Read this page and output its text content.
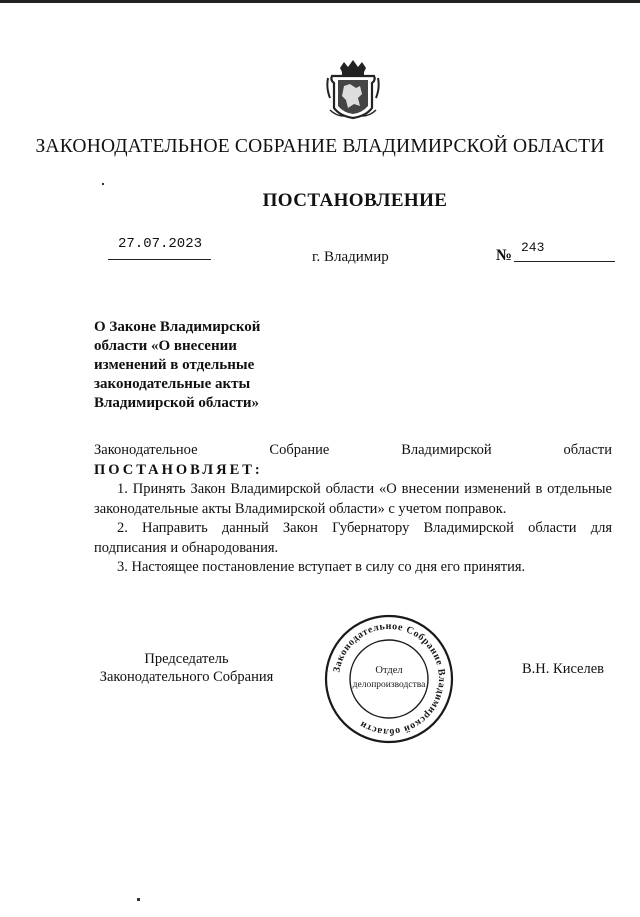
ЗАКОНОДАТЕЛЬНОЕ СОБРАНИЕ ВЛАДИМИРСКОЙ ОБЛАСТИ
ПОСТАНОВЛЕНИЕ
27.07.2023
г. Владимир	№ 243
О Законе Владимирской
области «О внесении
изменений в отдельные
законодательные акты
Владимирской области»
Законодательное	Собрание	Владимирской	области
ПОСТАНОВЛЯЕТ:
1. Принять Закон Владимирской области «О внесении изменений в отдельные законодательные акты Владимирской области» с учетом поправок.
2. Направить данный Закон Губернатору Владимирской области для подписания и обнародования.
3. Настоящее постановление вступает в силу со дня его принятия.
Председатель
Законодательного Собрания	Законодательное Собрание Владимирской области
Отдел
делопроизводства
В.Н. Киселев
